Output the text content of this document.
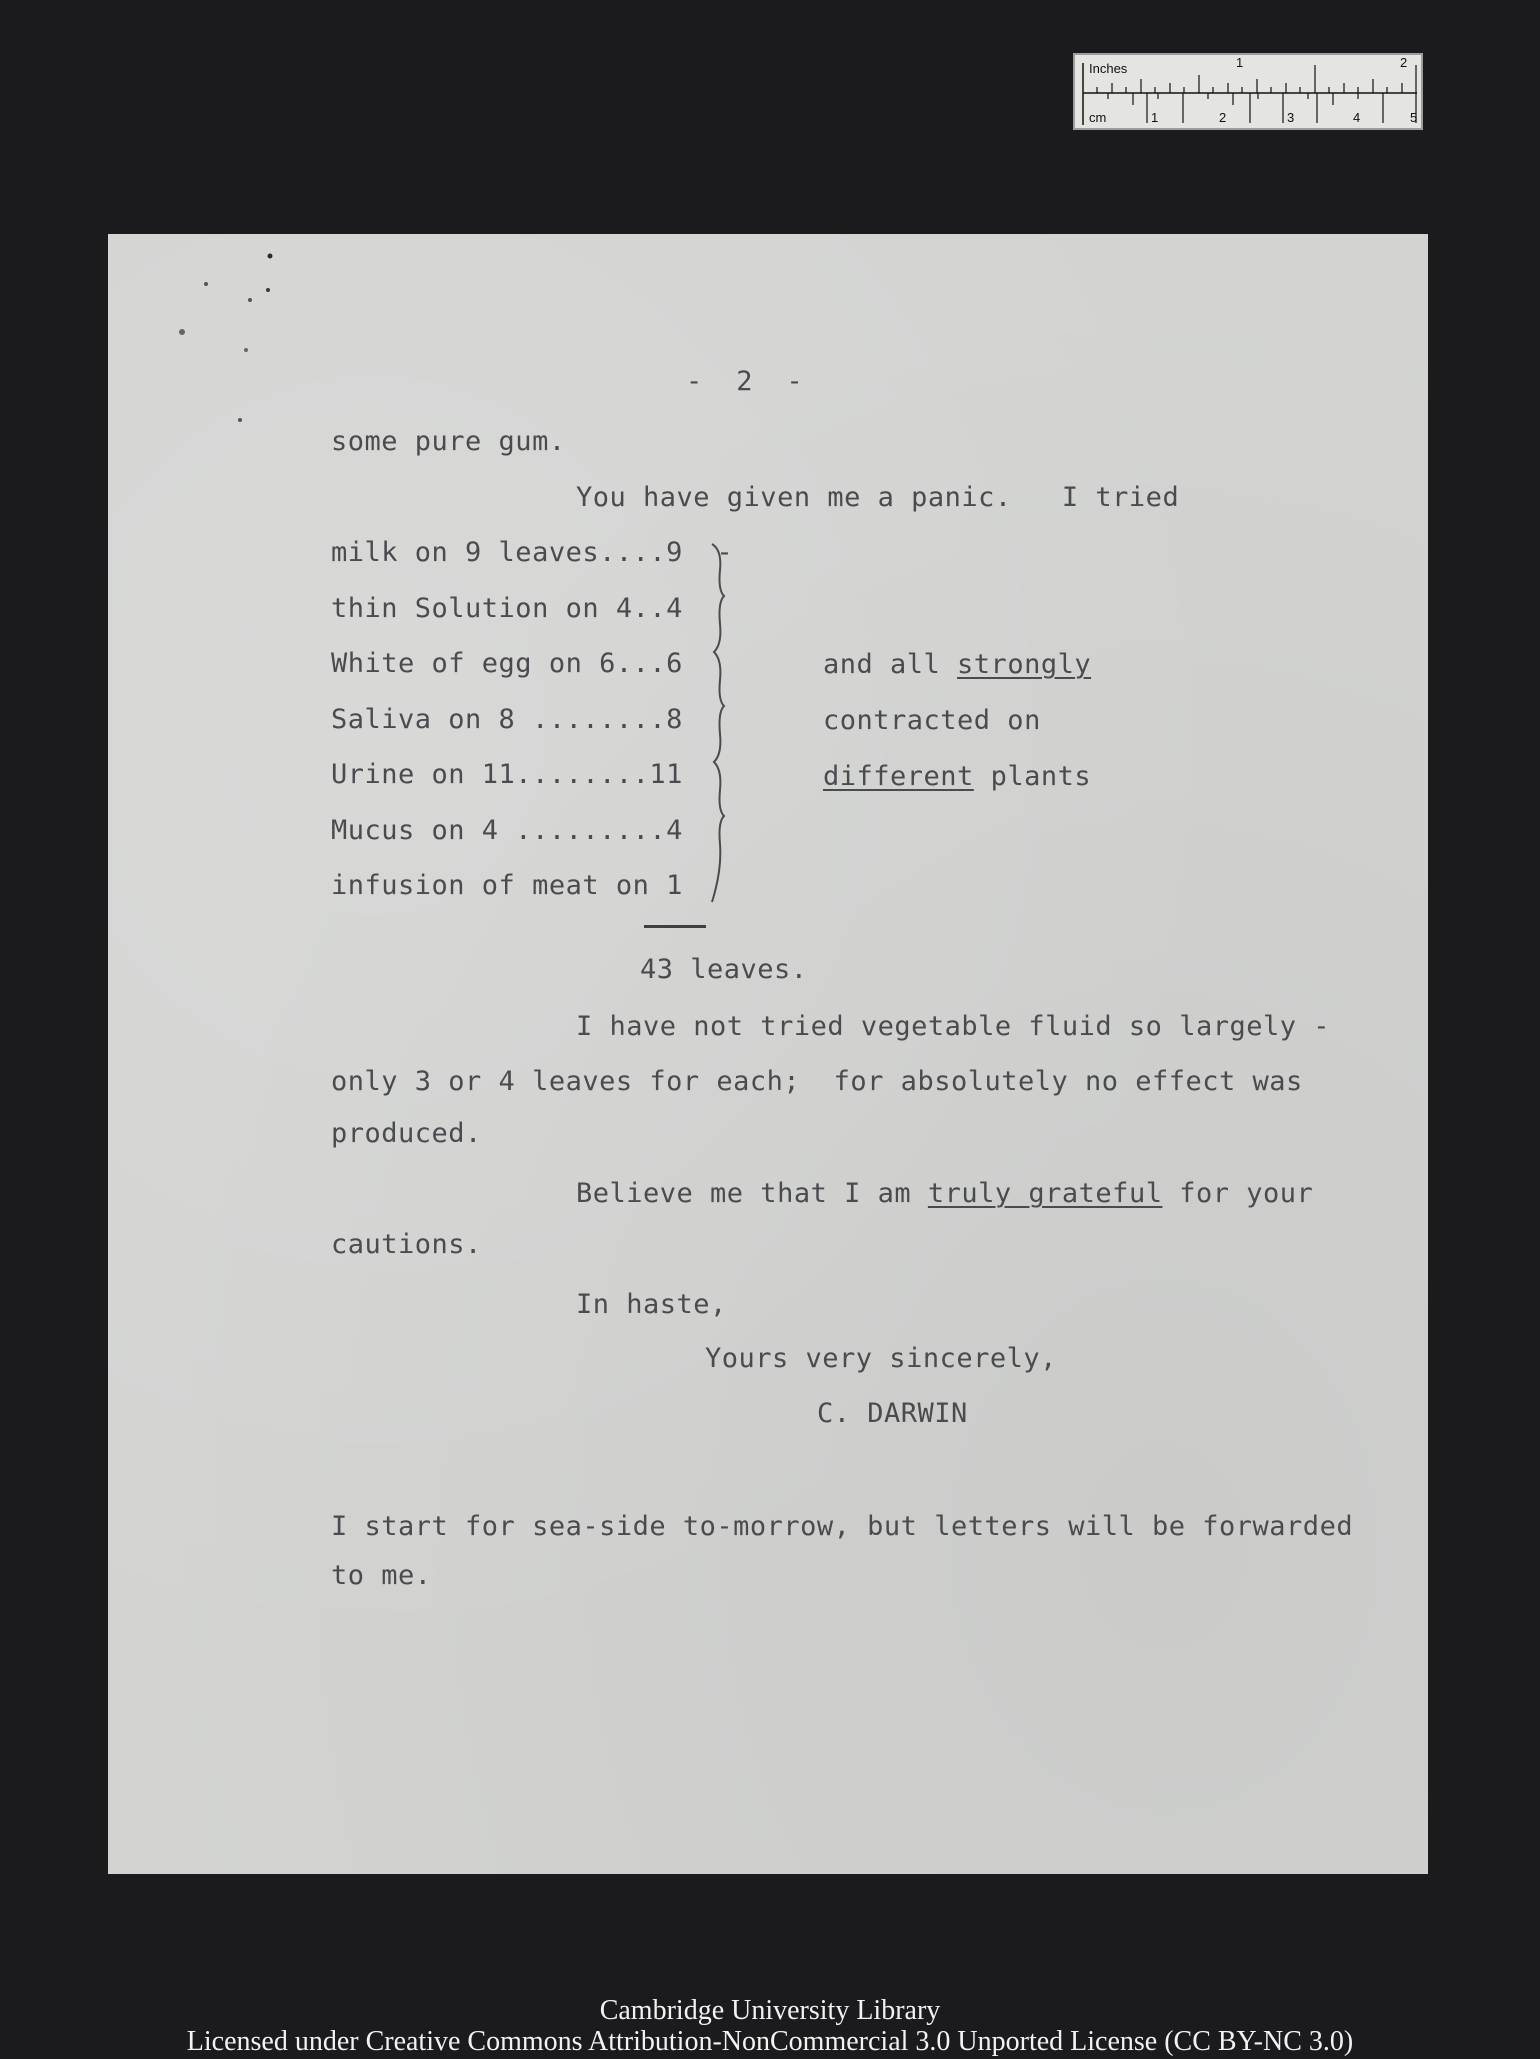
Inches	1	2
cm	1	2	3	4	5
-  2  -
some pure gum.
You have given me a panic.   I tried
milk on 9 leaves....9  -
thin Solution on 4..4
White of egg on 6...6
Saliva on 8 ........8
Urine on 11........11
Mucus on 4 .........4
infusion of meat on 1
and all strongly
contracted on
different plants
43 leaves.
I have not tried vegetable fluid so largely -
only 3 or 4 leaves for each;  for absolutely no effect was
produced.
Believe me that I am truly grateful for your
cautions.
In haste,
Yours very sincerely,
C. DARWIN
I start for sea-side to-morrow, but letters will be forwarded
to me.
Cambridge University Library
Licensed under Creative Commons Attribution-NonCommercial 3.0 Unported License (CC BY-NC 3.0)
